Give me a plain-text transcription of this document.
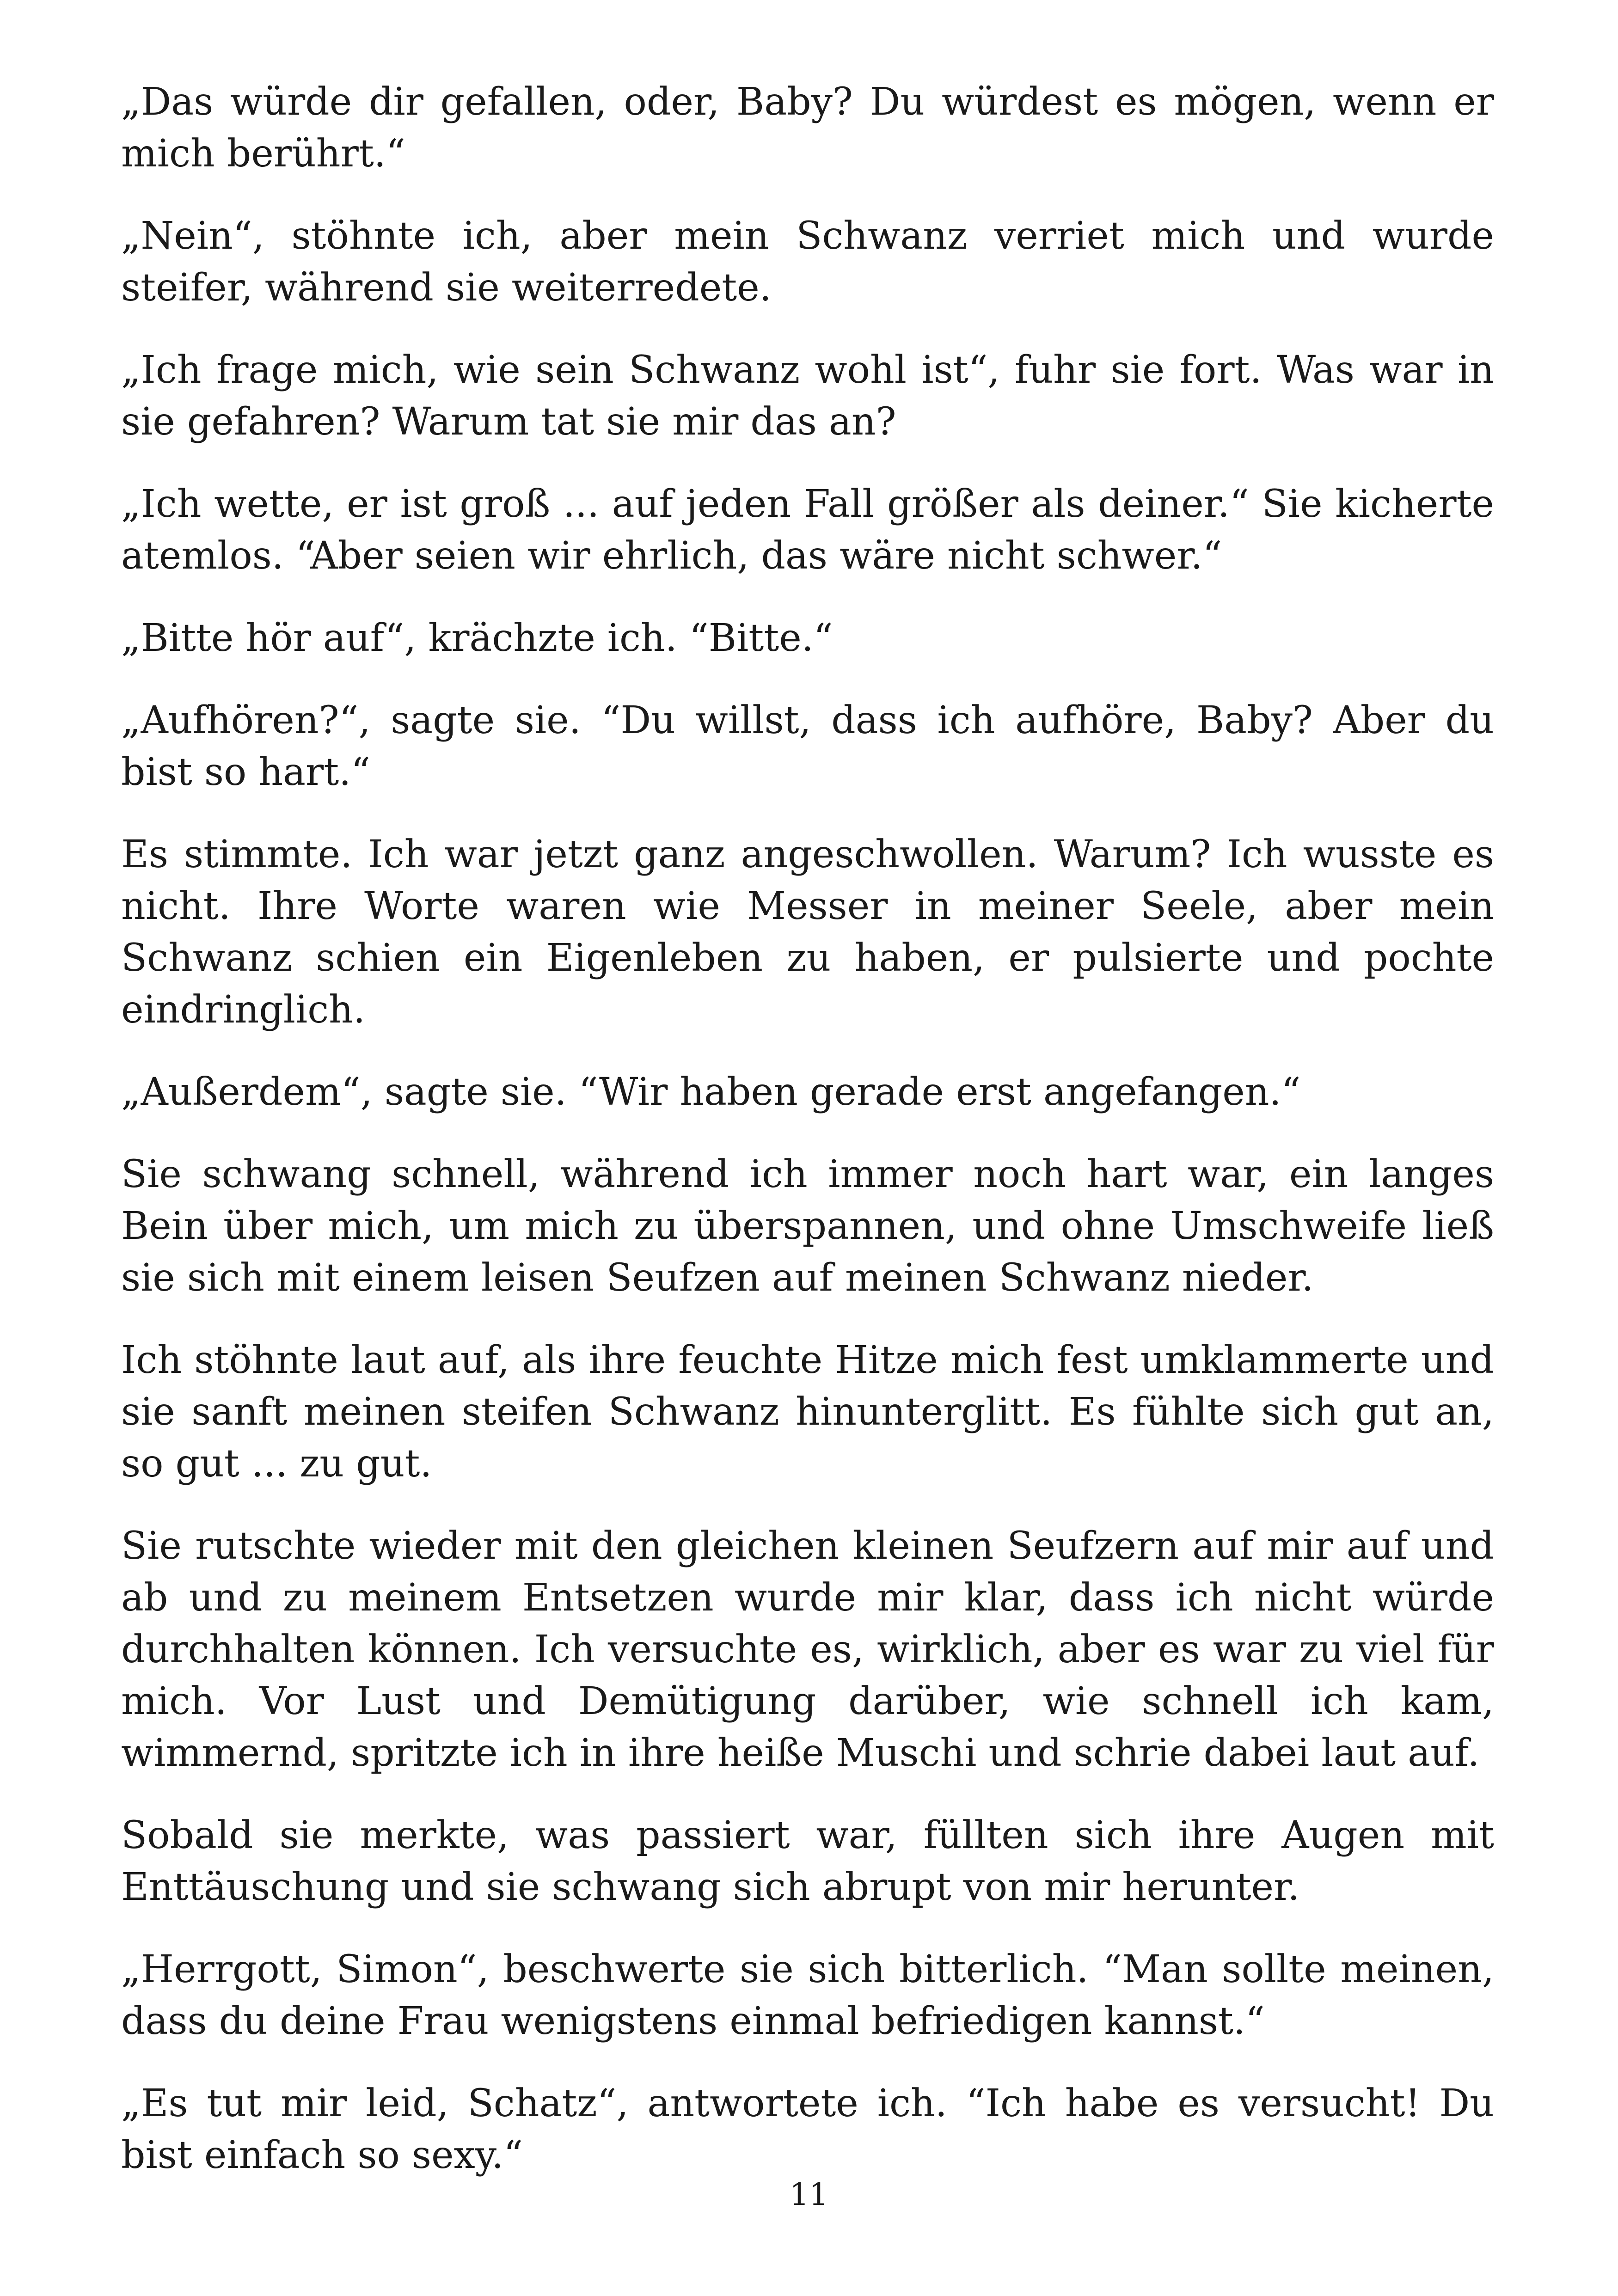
„Das würde dir gefallen, oder, Baby? Du würdest es mögen, wenn er mich berührt.“

„Nein“, stöhnte ich, aber mein Schwanz verriet mich und wurde steifer, während sie weiterredete.

„Ich frage mich, wie sein Schwanz wohl ist“, fuhr sie fort. Was war in sie gefahren? Warum tat sie mir das an?

„Ich wette, er ist groß ... auf jeden Fall größer als deiner.“ Sie kicherte atemlos. “Aber seien wir ehrlich, das wäre nicht schwer.“

„Bitte hör auf“, krächzte ich. “Bitte.“

„Aufhören?“, sagte sie. “Du willst, dass ich aufhöre, Baby? Aber du bist so hart.“

Es stimmte. Ich war jetzt ganz angeschwollen. Warum? Ich wusste es nicht. Ihre Worte waren wie Messer in meiner Seele, aber mein Schwanz schien ein Eigenleben zu haben, er pulsierte und pochte eindringlich.

„Außerdem“, sagte sie. “Wir haben gerade erst angefangen.“

Sie schwang schnell, während ich immer noch hart war, ein langes Bein über mich, um mich zu überspannen, und ohne Umschweife ließ sie sich mit einem leisen Seufzen auf meinen Schwanz nieder.

Ich stöhnte laut auf, als ihre feuchte Hitze mich fest umklammerte und sie sanft meinen steifen Schwanz hinunterglitt. Es fühlte sich gut an, so gut ... zu gut.

Sie rutschte wieder mit den gleichen kleinen Seufzern auf mir auf und ab und zu meinem Entsetzen wurde mir klar, dass ich nicht würde durchhalten können. Ich versuchte es, wirklich, aber es war zu viel für mich. Vor Lust und Demütigung darüber, wie schnell ich kam, wimmernd, spritzte ich in ihre heiße Muschi und schrie dabei laut auf.

Sobald sie merkte, was passiert war, füllten sich ihre Augen mit Enttäuschung und sie schwang sich abrupt von mir herunter.

„Herrgott, Simon“, beschwerte sie sich bitterlich. “Man sollte meinen, dass du deine Frau wenigstens einmal befriedigen kannst.“

„Es tut mir leid, Schatz“, antwortete ich. “Ich habe es versucht! Du bist einfach so sexy.“

11
